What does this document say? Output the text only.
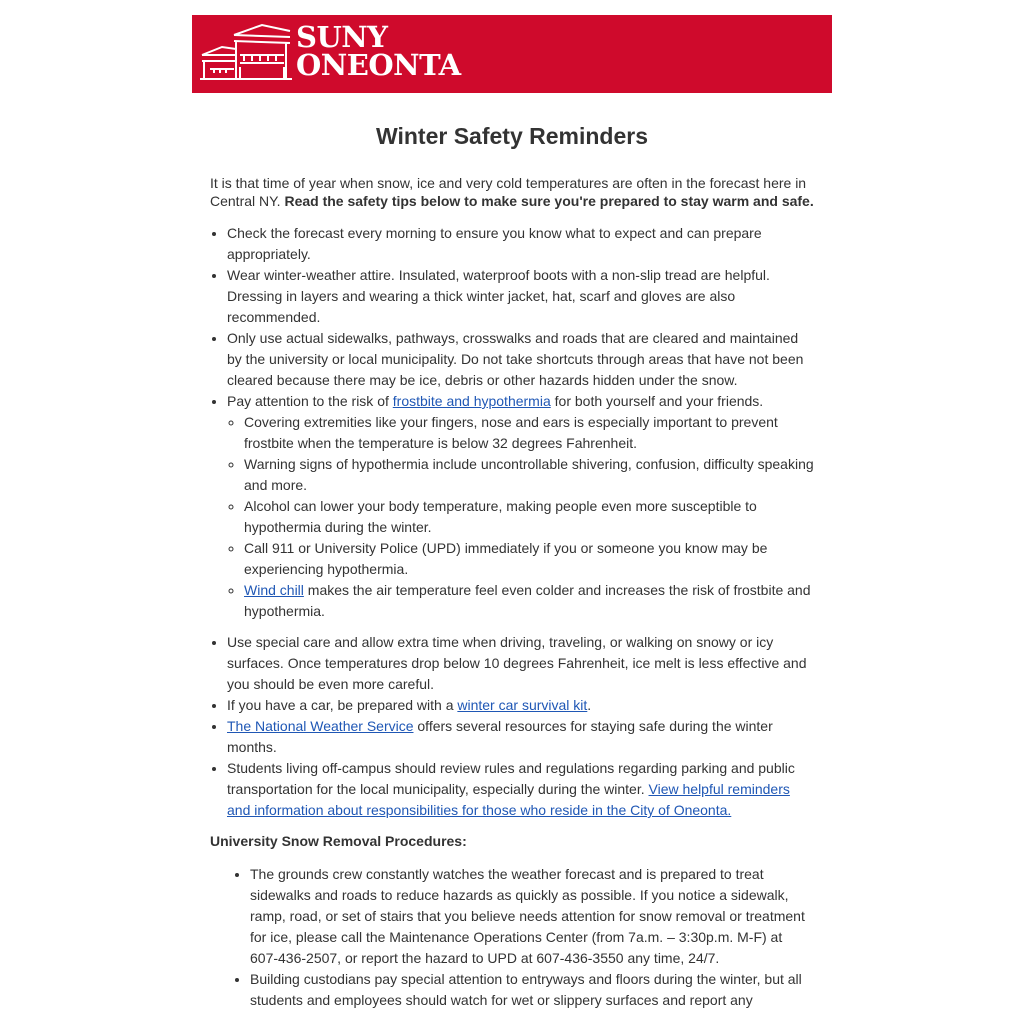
SUNY
ONEONTA
Winter Safety Reminders

It is that time of year when snow, ice and very cold temperatures are often in the forecast here in Central NY. Read the safety tips below to make sure you're prepared to stay warm and safe.

• Check the forecast every morning to ensure you know what to expect and can prepare appropriately.
• Wear winter-weather attire. Insulated, waterproof boots with a non-slip tread are helpful. Dressing in layers and wearing a thick winter jacket, hat, scarf and gloves are also recommended.
• Only use actual sidewalks, pathways, crosswalks and roads that are cleared and maintained by the university or local municipality. Do not take shortcuts through areas that have not been cleared because there may be ice, debris or other hazards hidden under the snow.
• Pay attention to the risk of frostbite and hypothermia for both yourself and your friends.
◦ Covering extremities like your fingers, nose and ears is especially important to prevent frostbite when the temperature is below 32 degrees Fahrenheit.
◦ Warning signs of hypothermia include uncontrollable shivering, confusion, difficulty speaking and more.
◦ Alcohol can lower your body temperature, making people even more susceptible to hypothermia during the winter.
◦ Call 911 or University Police (UPD) immediately if you or someone you know may be experiencing hypothermia.
◦ Wind chill makes the air temperature feel even colder and increases the risk of frostbite and hypothermia.
• Use special care and allow extra time when driving, traveling, or walking on snowy or icy surfaces. Once temperatures drop below 10 degrees Fahrenheit, ice melt is less effective and you should be even more careful.
• If you have a car, be prepared with a winter car survival kit.
• The National Weather Service offers several resources for staying safe during the winter months.
• Students living off-campus should review rules and regulations regarding parking and public transportation for the local municipality, especially during the winter. View helpful reminders and information about responsibilities for those who reside in the City of Oneonta.

University Snow Removal Procedures:

• The grounds crew constantly watches the weather forecast and is prepared to treat sidewalks and roads to reduce hazards as quickly as possible. If you notice a sidewalk, ramp, road, or set of stairs that you believe needs attention for snow removal or treatment for ice, please call the Maintenance Operations Center (from 7a.m. – 3:30p.m. M-F) at 607-436-2507, or report the hazard to UPD at 607-436-3550 any time, 24/7.
• Building custodians pay special attention to entryways and floors during the winter, but all students and employees should watch for wet or slippery surfaces and report any
